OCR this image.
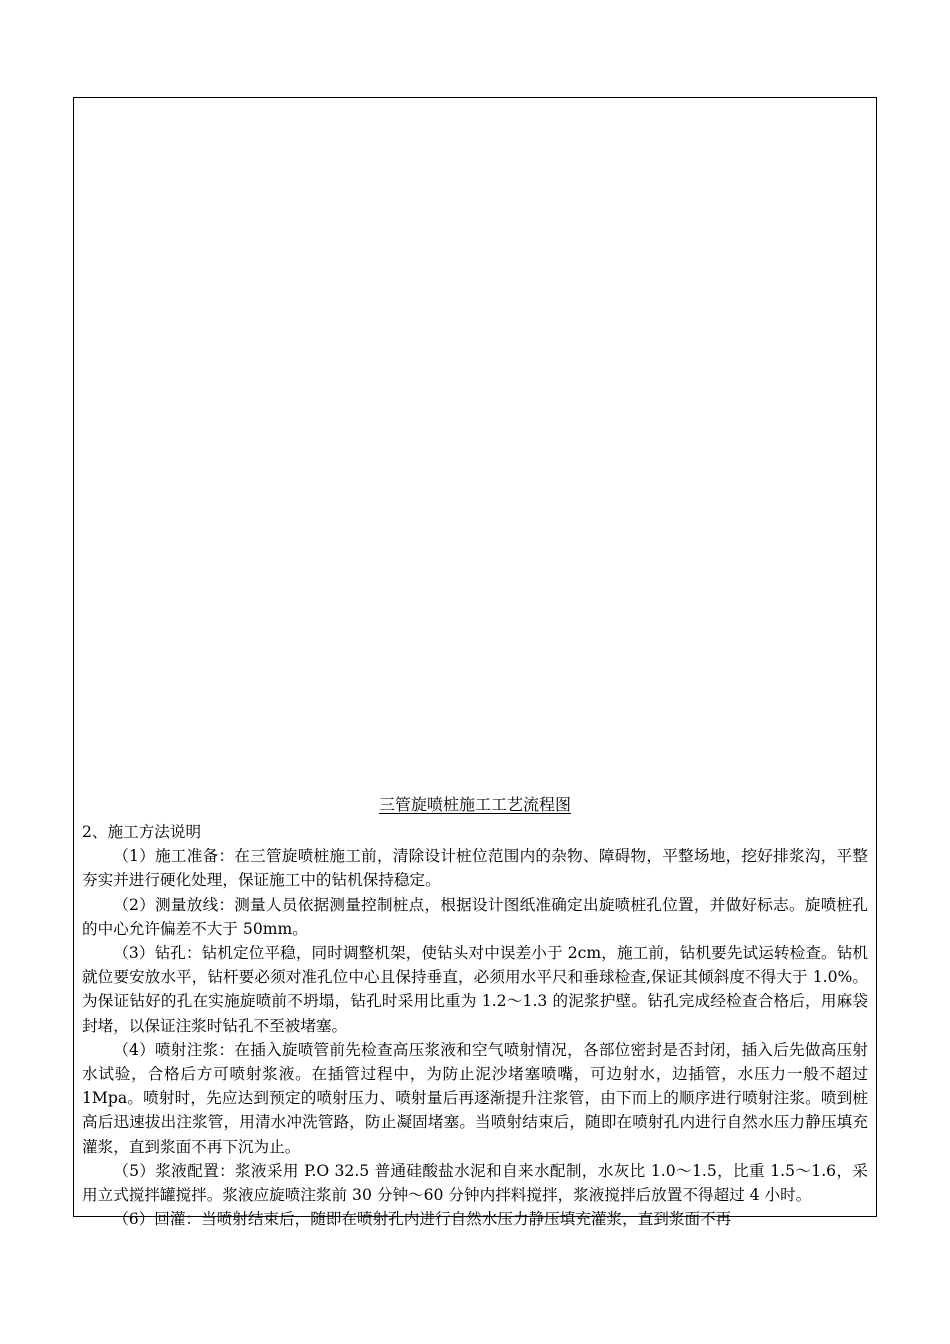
三管旋喷桩施工工艺流程图

2、施工方法说明

（1）施工准备：在三管旋喷桩施工前，清除设计桩位范围内的杂物、障碍物，平整场地，挖好排浆沟，平整夯实并进行硬化处理，保证施工中的钻机保持稳定。

（2）测量放线：测量人员依据测量控制桩点，根据设计图纸准确定出旋喷桩孔位置，并做好标志。旋喷桩孔的中心允许偏差不大于 50mm。

（3）钻孔：钻机定位平稳，同时调整机架，使钻头对中误差小于 2cm，施工前，钻机要先试运转检查。钻机就位要安放水平，钻杆要必须对准孔位中心且保持垂直，必须用水平尺和垂球检查,保证其倾斜度不得大于 1.0%。为保证钻好的孔在实施旋喷前不坍塌，钻孔时采用比重为 1.2～1.3 的泥浆护壁。钻孔完成经检查合格后，用麻袋封堵，以保证注浆时钻孔不至被堵塞。

（4）喷射注浆：在插入旋喷管前先检查高压浆液和空气喷射情况，各部位密封是否封闭，插入后先做高压射水试验，合格后方可喷射浆液。在插管过程中，为防止泥沙堵塞喷嘴，可边射水，边插管，水压力一般不超过 1Mpa。喷射时，先应达到预定的喷射压力、喷射量后再逐渐提升注浆管，由下而上的顺序进行喷射注浆。喷到桩高后迅速拔出注浆管，用清水冲洗管路，防止凝固堵塞。当喷射结束后，随即在喷射孔内进行自然水压力静压填充灌浆，直到浆面不再下沉为止。

（5）浆液配置：浆液采用 P.O 32.5 普通硅酸盐水泥和自来水配制，水灰比 1.0～1.5，比重 1.5～1.6，采用立式搅拌罐搅拌。浆液应旋喷注浆前 30 分钟～60 分钟内拌料搅拌，浆液搅拌后放置不得超过 4 小时。

（6）回灌：当喷射结束后，随即在喷射孔内进行自然水压力静压填充灌浆，直到浆面不再
